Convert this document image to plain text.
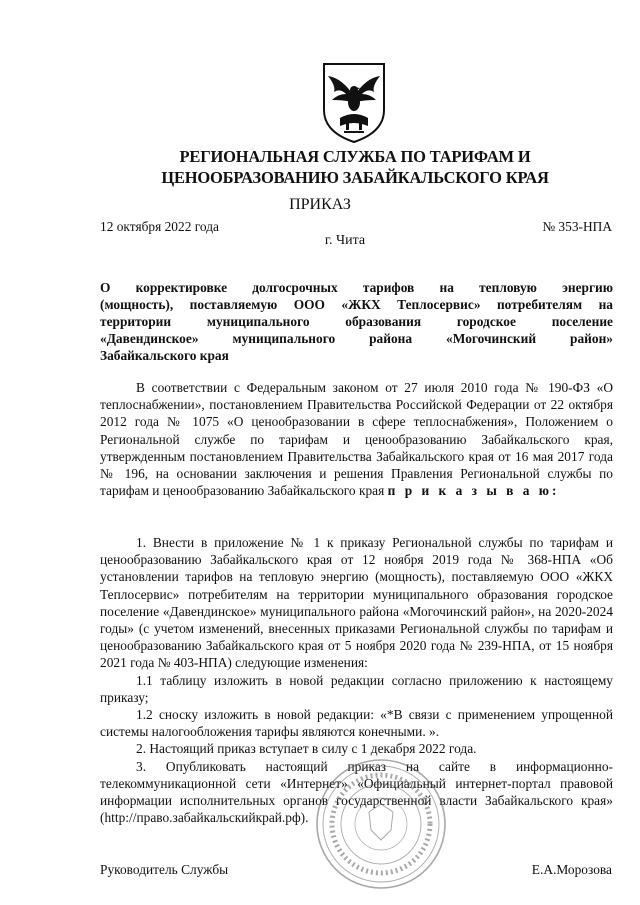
РЕГИОНАЛЬНАЯ СЛУЖБА ПО ТАРИФАМ И
ЦЕНООБРАЗОВАНИЮ ЗАБАЙКАЛЬСКОГО КРАЯ
ПРИКАЗ
12 октября 2022 года	№ 353-НПА
г. Чита
О корректировке долгосрочных тарифов на тепловую энергию
(мощность), поставляемую ООО «ЖКХ Теплосервис» потребителям на
территории муниципального образования городское поселение
«Давендинское» муниципального района «Могочинский район»
Забайкальского края

В соответствии с Федеральным законом от 27 июля 2010 года № 190-ФЗ «О теплоснабжении», постановлением Правительства Российской Федерации от 22 октября 2012 года № 1075 «О ценообразовании в сфере теплоснабжения», Положением о Региональной службе по тарифам и ценообразованию Забайкальского края, утвержденным постановлением Правительства Забайкальского края от 16 мая 2017 года № 196, на основании заключения и решения Правления Региональной службы по тарифам и ценообразованию Забайкальского края п р и к а з ы в а ю:

1. Внести в приложение № 1 к приказу Региональной службы по тарифам и ценообразованию Забайкальского края от 12 ноября 2019 года № 368-НПА «Об установлении тарифов на тепловую энергию (мощность), поставляемую ООО «ЖКХ Теплосервис» потребителям на территории муниципального образования городское поселение «Давендинское» муниципального района «Могочинский район», на 2020-2024 годы» (с учетом изменений, внесенных приказами Региональной службы по тарифам и ценообразованию Забайкальского края от 5 ноября 2020 года № 239-НПА, от 15 ноября 2021 года № 403-НПА) следующие изменения:

1.1 таблицу изложить в новой редакции согласно приложению к настоящему приказу;

1.2 сноску изложить в новой редакции: «*В связи с применением упрощенной системы налогообложения тарифы являются конечными. ».

2. Настоящий приказ вступает в силу с 1 декабря 2022 года.

3. Опубликовать настоящий приказ на сайте в информационно-телекоммуникационной сети «Интернет» «Официальный интернет-портал правовой информации исполнительных органов государственной власти Забайкальского края» (http://право.забайкальскийкрай.рф).

Руководитель Службы	Е.А.Морозова
